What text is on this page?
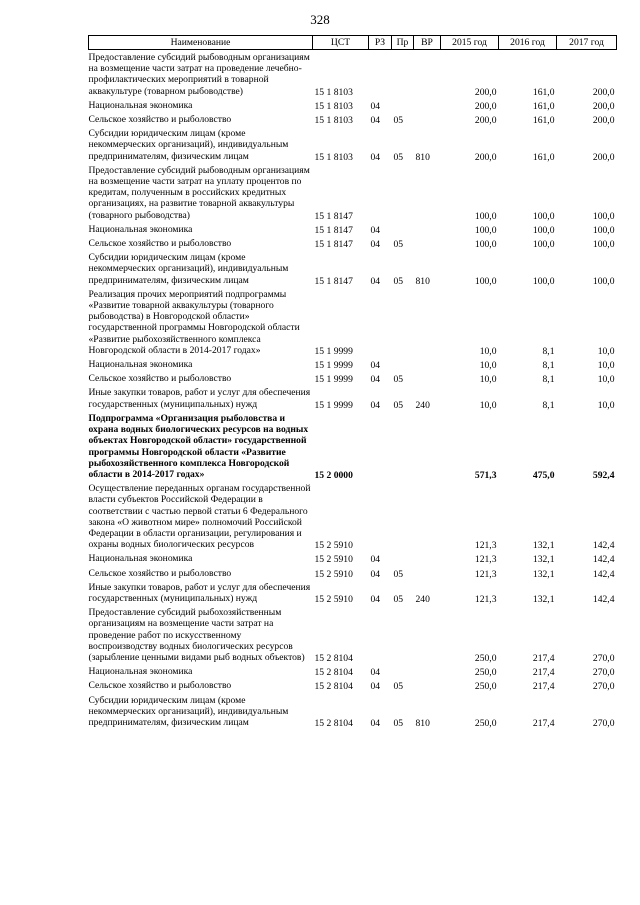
328
Наименование	ЦСТ	РЗ	Пр	ВР	2015 год	2016 год	2017 год
Предоставление субсидий рыбоводным организациям на возмещение части затрат на проведение лечебно-профилактических мероприятий в товарной аквакультуре (товарном рыбоводстве)	15 1 8103				200,0	161,0	200,0
Национальная экономика	15 1 8103	04			200,0	161,0	200,0
Сельское хозяйство и рыболовство	15 1 8103	04	05		200,0	161,0	200,0
Субсидии юридическим лицам (кроме некоммерческих организаций), индивидуальным предпринимателям, физическим лицам	15 1 8103	04	05	810	200,0	161,0	200,0
Предоставление субсидий рыбоводным организациям на возмещение части затрат на уплату процентов по кредитам, полученным в российских кредитных организациях, на развитие товарной аквакультуры (товарного рыбоводства)	15 1 8147				100,0	100,0	100,0
Национальная экономика	15 1 8147	04			100,0	100,0	100,0
Сельское хозяйство и рыболовство	15 1 8147	04	05		100,0	100,0	100,0
Субсидии юридическим лицам (кроме некоммерческих организаций), индивидуальным предпринимателям, физическим лицам	15 1 8147	04	05	810	100,0	100,0	100,0
Реализация прочих мероприятий подпрограммы «Развитие товарной аквакультуры (товарного рыбоводства) в Новгородской области» государственной программы Новгородской области «Развитие рыбохозяйственного комплекса Новгородской области в 2014-2017 годах»	15 1 9999				10,0	8,1	10,0
Национальная экономика	15 1 9999	04			10,0	8,1	10,0
Сельское хозяйство и рыболовство	15 1 9999	04	05		10,0	8,1	10,0
Иные закупки товаров, работ и услуг для обеспечения государственных (муниципальных) нужд	15 1 9999	04	05	240	10,0	8,1	10,0
Подпрограмма «Организация рыболовства и охрана водных биологических ресурсов на водных объектах Новгородской области» государственной программы Новгородской области «Развитие рыбохозяйственного комплекса Новгородской области в 2014-2017 годах»	15 2 0000				571,3	475,0	592,4
Осуществление переданных органам государственной власти субъектов Российской Федерации в соответствии с частью первой статьи 6 Федерального закона «О животном мире» полномочий Российской Федерации в области организации, регулирования и охраны водных биологических ресурсов	15 2 5910				121,3	132,1	142,4
Национальная экономика	15 2 5910	04			121,3	132,1	142,4
Сельское хозяйство и рыболовство	15 2 5910	04	05		121,3	132,1	142,4
Иные закупки товаров, работ и услуг для обеспечения государственных (муниципальных) нужд	15 2 5910	04	05	240	121,3	132,1	142,4
Предоставление субсидий рыбохозяйственным организациям на возмещение части затрат на проведение работ по искусственному воспроизводству водных биологических ресурсов (зарыбление ценными видами рыб водных объектов)	15 2 8104				250,0	217,4	270,0
Национальная экономика	15 2 8104	04			250,0	217,4	270,0
Сельское хозяйство и рыболовство	15 2 8104	04	05		250,0	217,4	270,0
Субсидии юридическим лицам (кроме некоммерческих организаций), индивидуальным предпринимателям, физическим лицам	15 2 8104	04	05	810	250,0	217,4	270,0
